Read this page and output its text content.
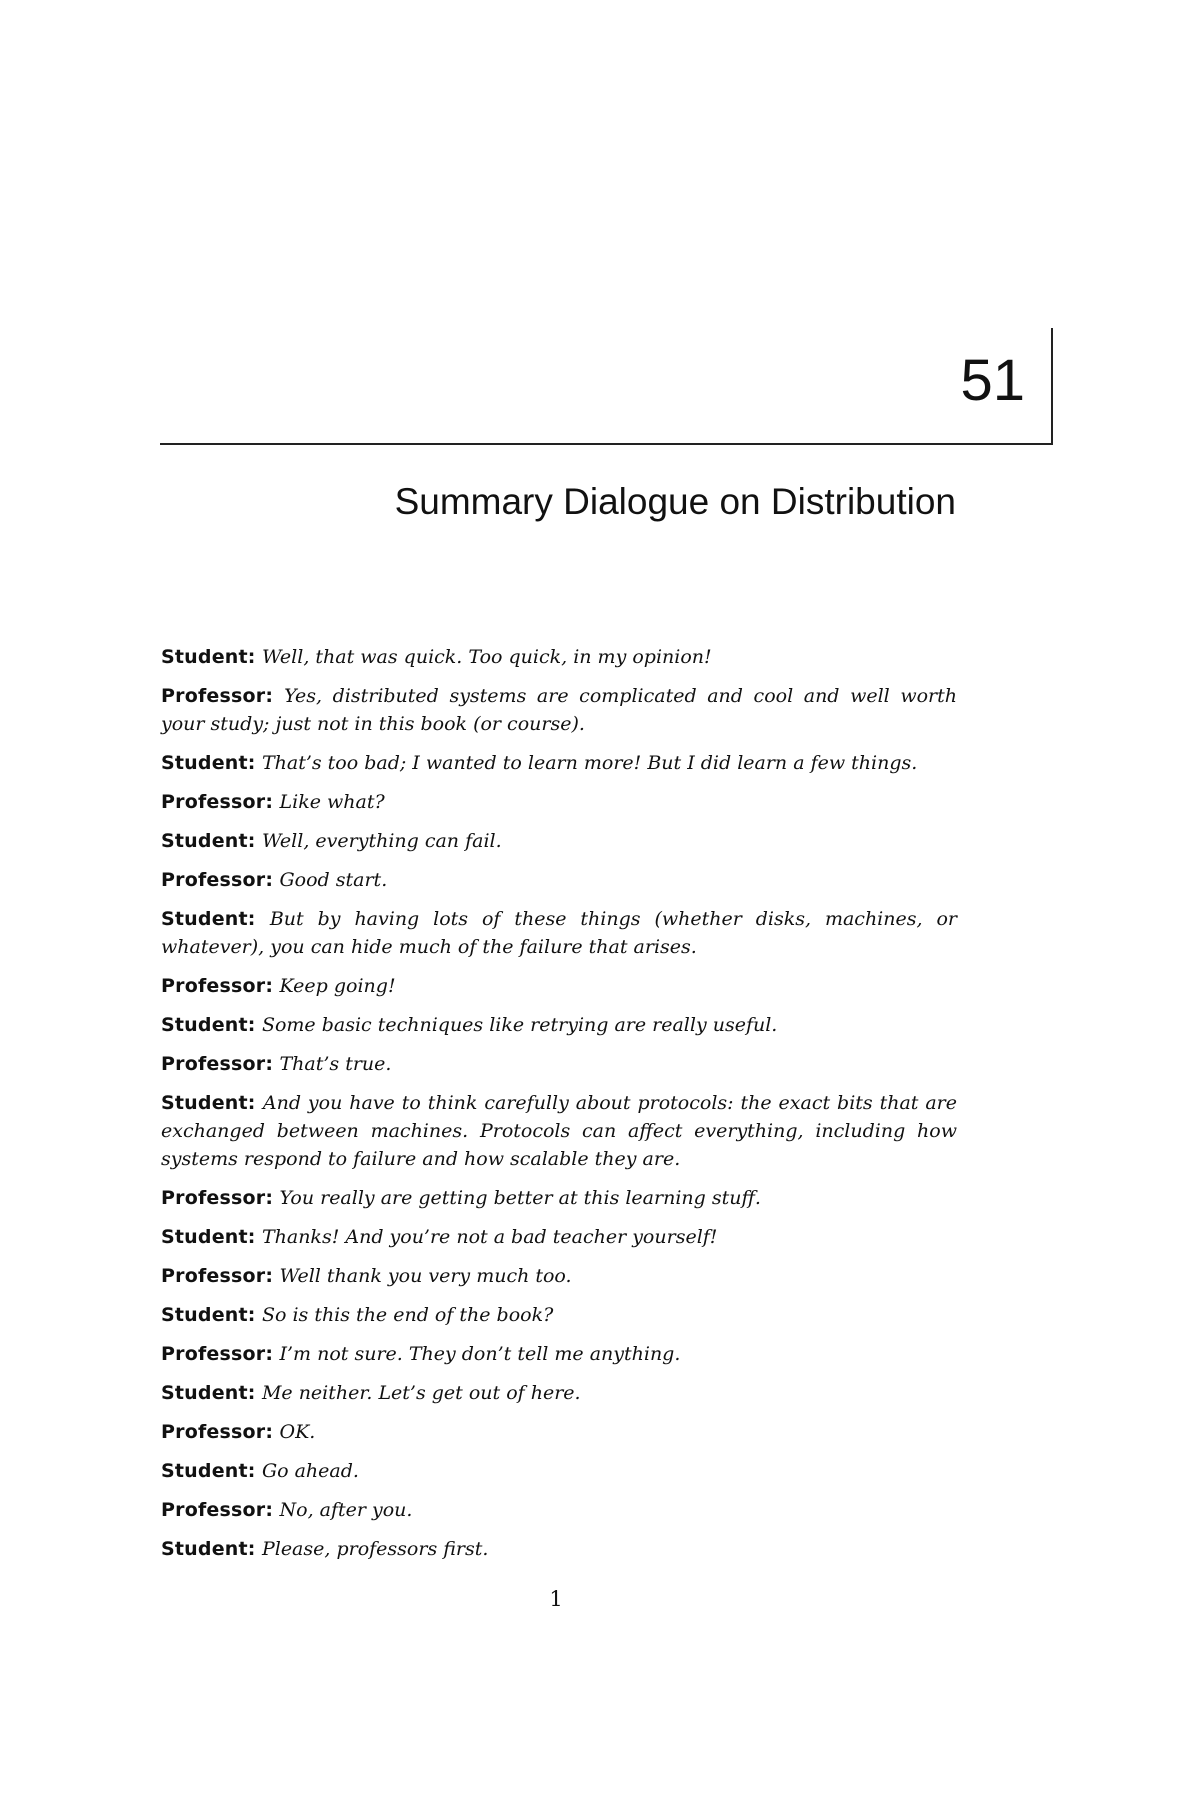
51
Summary Dialogue on Distribution

Student: Well, that was quick. Too quick, in my opinion!

Professor: Yes, distributed systems are complicated and cool and well worth your study; just not in this book (or course).

Student: That’s too bad; I wanted to learn more! But I did learn a few things.

Professor: Like what?

Student: Well, everything can fail.

Professor: Good start.

Student: But by having lots of these things (whether disks, machines, or whatever), you can hide much of the failure that arises.

Professor: Keep going!

Student: Some basic techniques like retrying are really useful.

Professor: That’s true.

Student: And you have to think carefully about protocols: the exact bits that are exchanged between machines. Protocols can affect everything, including how systems respond to failure and how scalable they are.

Professor: You really are getting better at this learning stuff.

Student: Thanks! And you’re not a bad teacher yourself!

Professor: Well thank you very much too.

Student: So is this the end of the book?

Professor: I’m not sure. They don’t tell me anything.

Student: Me neither. Let’s get out of here.

Professor: OK.

Student: Go ahead.

Professor: No, after you.

Student: Please, professors first.

1
